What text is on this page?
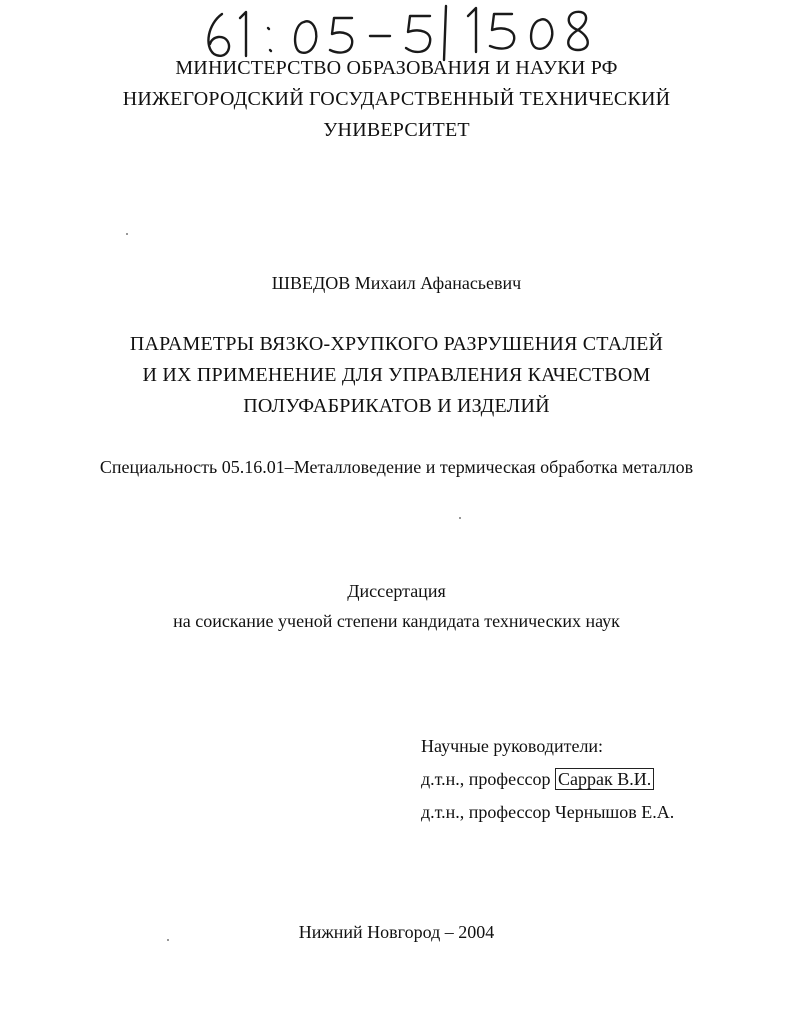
МИНИСТЕРСТВО ОБРАЗОВАНИЯ И НАУКИ РФ
НИЖЕГОРОДСКИЙ ГОСУДАРСТВЕННЫЙ ТЕХНИЧЕСКИЙ
УНИВЕРСИТЕТ
ШВЕДОВ Михаил Афанасьевич
ПАРАМЕТРЫ ВЯЗКО-ХРУПКОГО РАЗРУШЕНИЯ СТАЛЕЙ
И ИХ ПРИМЕНЕНИЕ ДЛЯ УПРАВЛЕНИЯ КАЧЕСТВОМ
ПОЛУФАБРИКАТОВ И ИЗДЕЛИЙ
Специальность 05.16.01–Металловедение и термическая обработка металлов
Диссертация
на соискание ученой степени кандидата технических наук
Научные руководители:
д.т.н., профессор Саррак В.И.
д.т.н., профессор Чернышов Е.А.
Нижний Новгород – 2004
